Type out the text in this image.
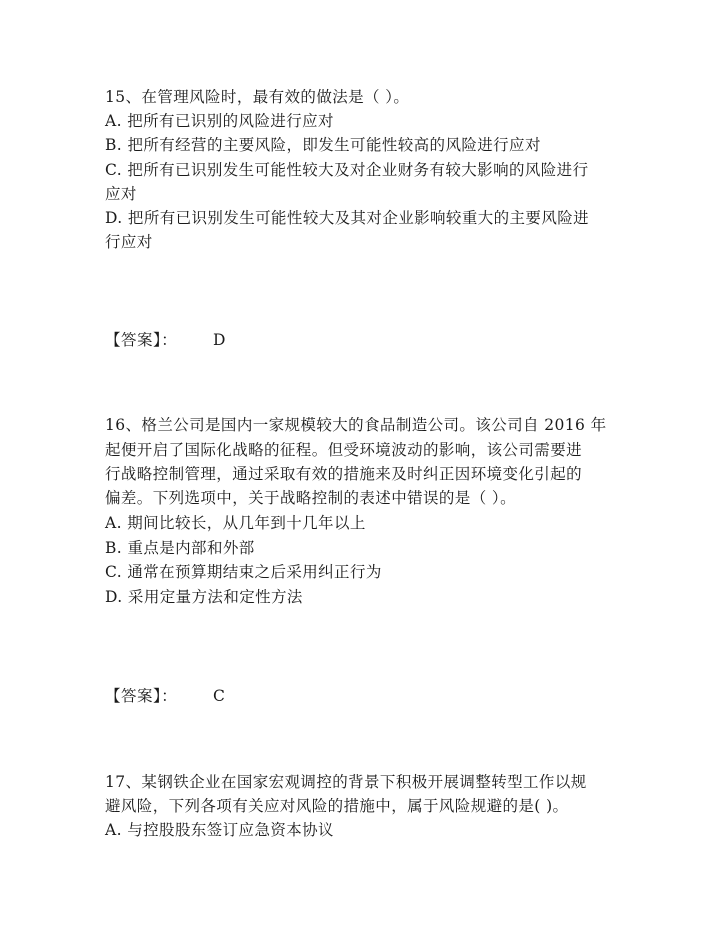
15、在管理风险时，最有效的做法是（ ）。
A. 把所有已识别的风险进行应对
B. 把所有经营的主要风险，即发生可能性较高的风险进行应对
C. 把所有已识别发生可能性较大及对企业财务有较大影响的风险进行
应对
D. 把所有已识别发生可能性较大及其对企业影响较重大的主要风险进
行应对
【答案】： D
16、格兰公司是国内一家规模较大的食品制造公司。该公司自 2016 年
起便开启了国际化战略的征程。但受环境波动的影响，该公司需要进
行战略控制管理，通过采取有效的措施来及时纠正因环境变化引起的
偏差。下列选项中，关于战略控制的表述中错误的是（ ）。
A. 期间比较长，从几年到十几年以上
B. 重点是内部和外部
C. 通常在预算期结束之后采用纠正行为
D. 采用定量方法和定性方法
【答案】： C
17、某钢铁企业在国家宏观调控的背景下积极开展调整转型工作以规
避风险，下列各项有关应对风险的措施中，属于风险规避的是( )。
A. 与控股股东签订应急资本协议
